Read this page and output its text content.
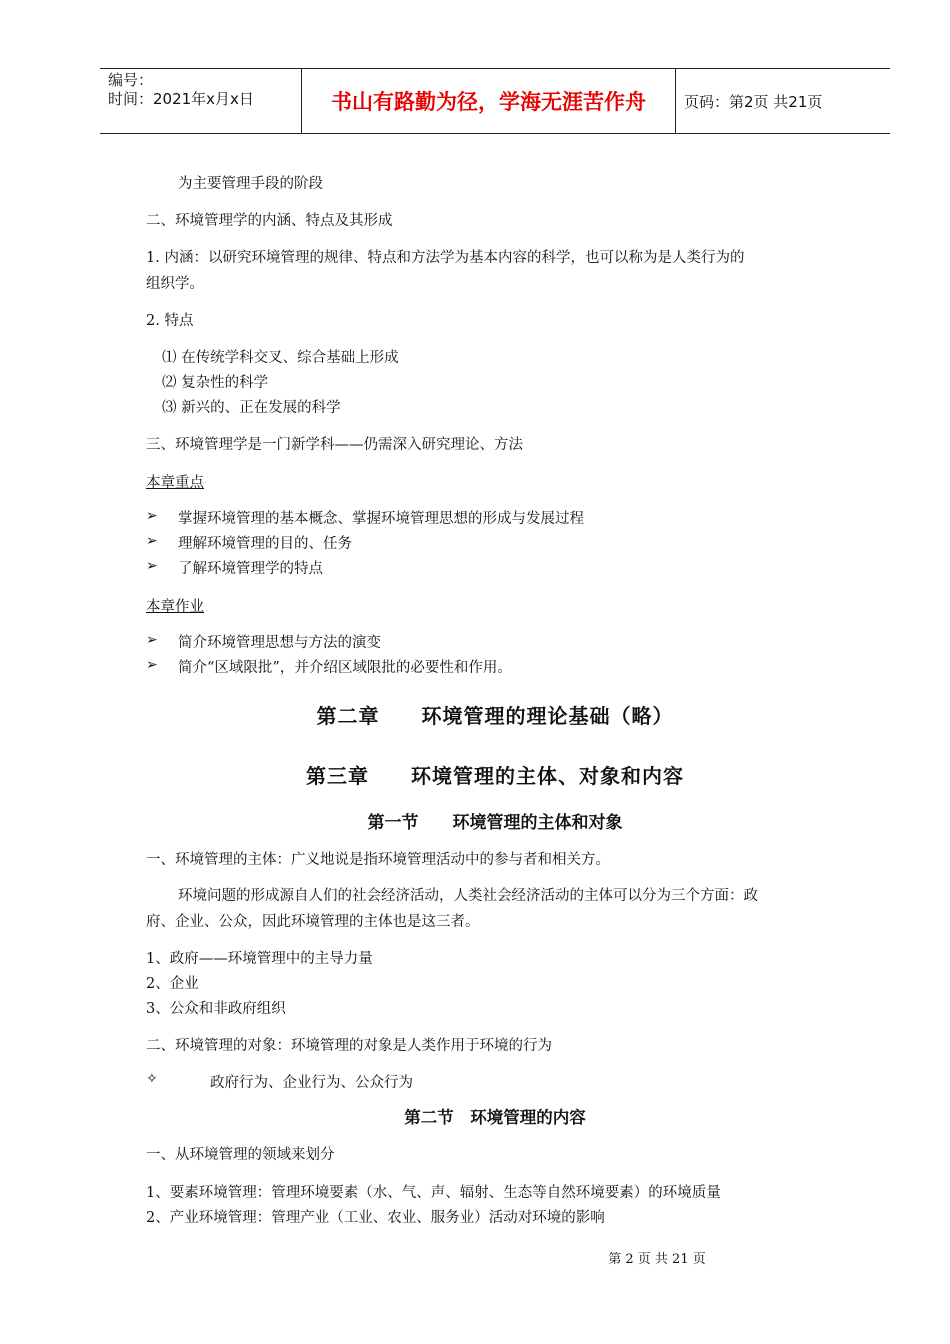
编号：
时间：2021年x月x日	书山有路勤为径，学海无涯苦作舟	页码：第2页 共21页
为主要管理手段的阶段
二、环境管理学的内涵、特点及其形成
1. 内涵：以研究环境管理的规律、特点和方法学为基本内容的科学，也可以称为是人类行为的
组织学。
2. 特点
⑴ 在传统学科交叉、综合基础上形成
⑵ 复杂性的科学
⑶ 新兴的、正在发展的科学
三、环境管理学是一门新学科——仍需深入研究理论、方法
本章重点
➢ 掌握环境管理的基本概念、掌握环境管理思想的形成与发展过程
➢ 理解环境管理的目的、任务
➢ 了解环境管理学的特点
本章作业
➢ 简介环境管理思想与方法的演变
➢ 简介“区域限批”，并介绍区域限批的必要性和作用。
第二章　　环境管理的理论基础（略）
第三章　　环境管理的主体、对象和内容
第一节　　环境管理的主体和对象
一、环境管理的主体：广义地说是指环境管理活动中的参与者和相关方。
环境问题的形成源自人们的社会经济活动，人类社会经济活动的主体可以分为三个方面：政
府、企业、公众，因此环境管理的主体也是这三者。
1、政府——环境管理中的主导力量
2、企业
3、公众和非政府组织
二、环境管理的对象：环境管理的对象是人类作用于环境的行为
✧	政府行为、企业行为、公众行为
第二节　环境管理的内容
一、从环境管理的领域来划分
1、要素环境管理：管理环境要素（水、气、声、辐射、生态等自然环境要素）的环境质量
2、产业环境管理：管理产业（工业、农业、服务业）活动对环境的影响
第 2 页 共 21 页
